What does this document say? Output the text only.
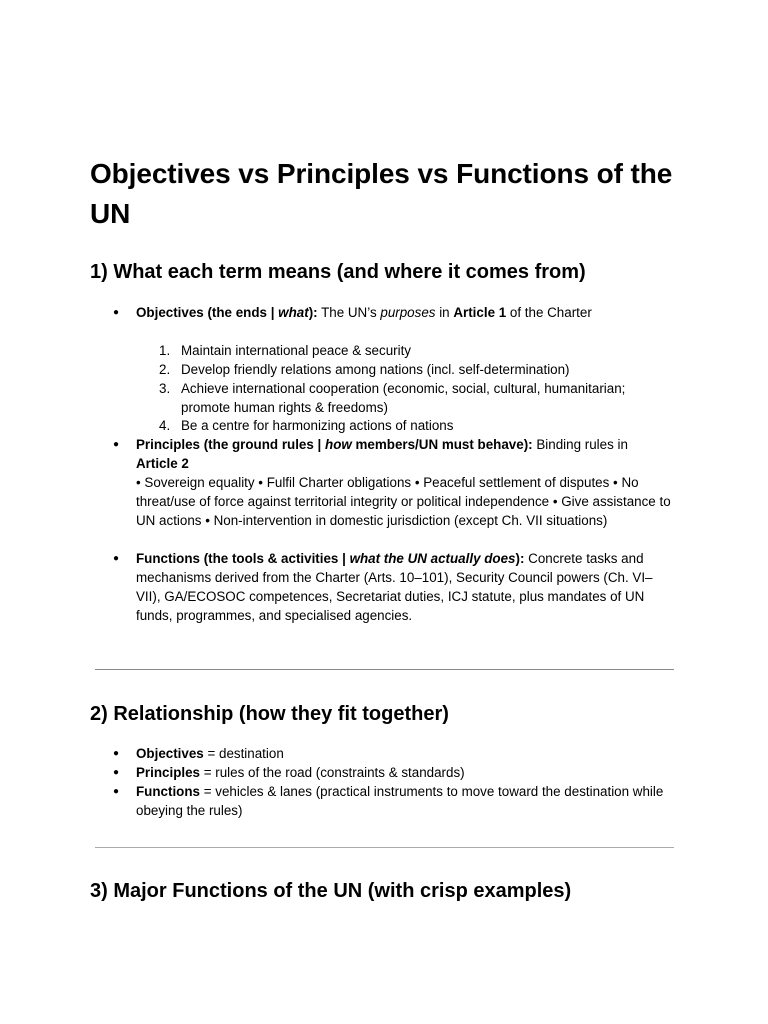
Objectives vs Principles vs Functions of the UN
1) What each term means (and where it comes from)
● Objectives (the ends | what): The UN’s purposes in Article 1 of the Charter
1. Maintain international peace & security
2. Develop friendly relations among nations (incl. self-determination)
3. Achieve international cooperation (economic, social, cultural, humanitarian; promote human rights & freedoms)
4. Be a centre for harmonizing actions of nations
● Principles (the ground rules | how members/UN must behave): Binding rules in
Article 2
• Sovereign equality • Fulfil Charter obligations • Peaceful settlement of disputes • No threat/use of force against territorial integrity or political independence • Give assistance to UN actions • Non-intervention in domestic jurisdiction (except Ch. VII situations)
● Functions (the tools & activities | what the UN actually does): Concrete tasks and mechanisms derived from the Charter (Arts. 10–101), Security Council powers (Ch. VI–VII), GA/ECOSOC competences, Secretariat duties, ICJ statute, plus mandates of UN funds, programmes, and specialised agencies.
2) Relationship (how they fit together)
● Objectives = destination
● Principles = rules of the road (constraints & standards)
● Functions = vehicles & lanes (practical instruments to move toward the destination while obeying the rules)
3) Major Functions of the UN (with crisp examples)
